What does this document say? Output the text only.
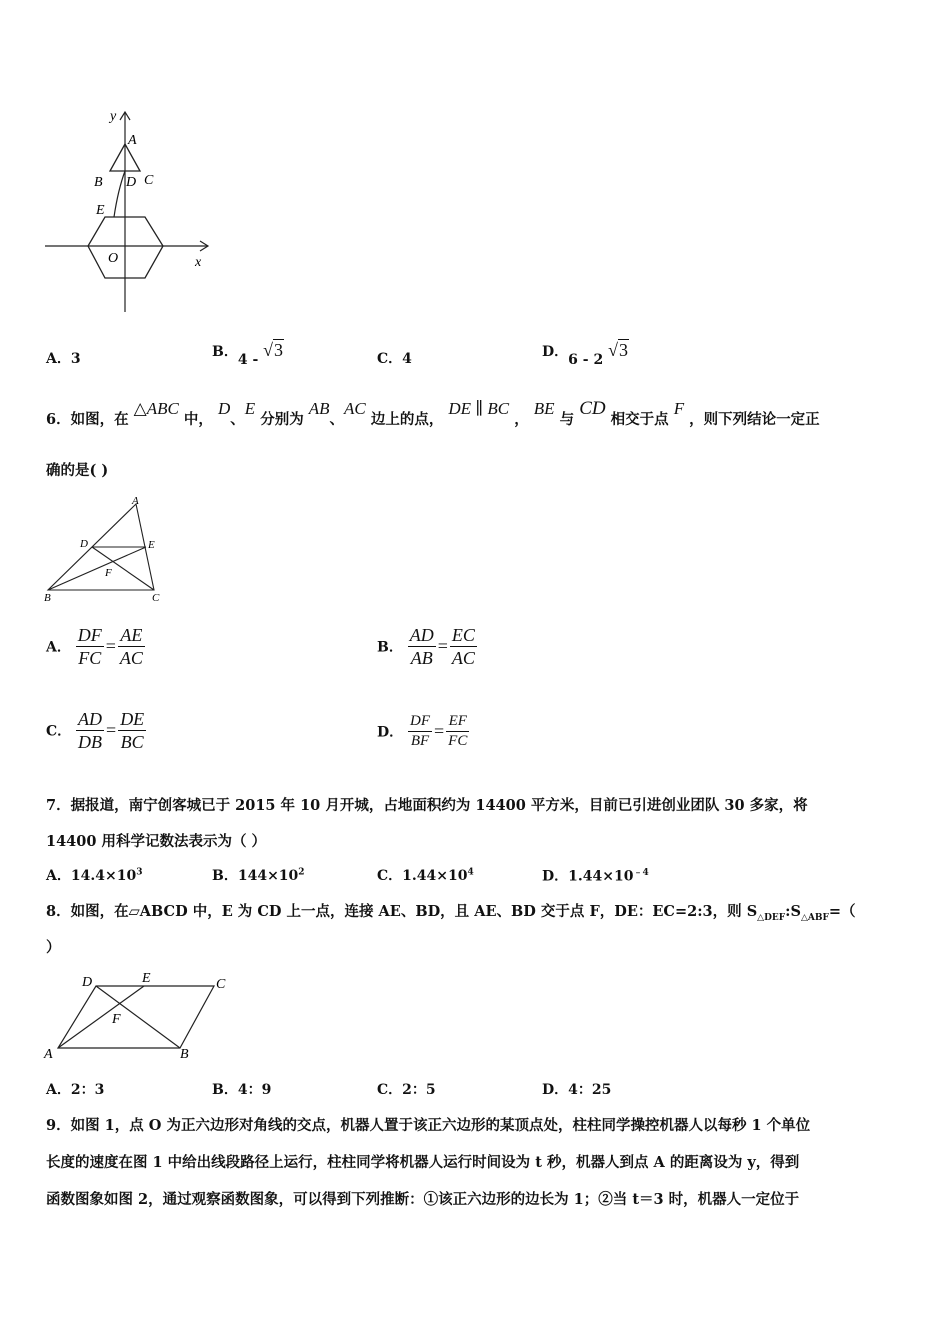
y
A
B D C
E
O	x
A．3	B．4 - √3	C．4	D．6 - 2 √3
6．如图，在 △ABC 中， D、E 分别为 AB、AC 边上的点， DE ∥ BC ， BE 与 CD 相交于点 F ，则下列结论一定正
确的是( )
A
D	E
F
B	C
A． $\frac{DF}{FC} = \frac{AE}{AC}$	B． $\frac{AD}{AB} = \frac{EC}{AC}$
C． $\frac{AD}{DB} = \frac{DE}{BC}$	D． $\frac{DF}{BF} = \frac{EF}{FC}$
7．据报道，南宁创客城已于 2015 年 10 月开城，占地面积约为 14400 平方米，目前已引进创业团队 30 多家，将
14400 用科学记数法表示为（ ）
A．$14.4\times 10^3$	B．$144\times 10^2$	C．$1.44\times 10^4$	D．$1.44\times 10^{﹣4}$
8．如图，在▱ABCD 中，E 为 CD 上一点，连接 AE、BD，且 AE、BD 交于点 F，DE：EC=2:3，则 $S_{\triangle DEF}:S_{\triangle ABF}=$（
）
D	E	C
F
A	B
A．2：3	B．4：9	C．2：5	D．4：25
9．如图 1，点 O 为正六边形对角线的交点，机器人置于该正六边形的某顶点处，柱柱同学操控机器人以每秒 1 个单位
长度的速度在图 1 中给出线段路径上运行，柱柱同学将机器人运行时间设为 t 秒，机器人到点 A 的距离设为 y，得到
函数图象如图 2，通过观察函数图象，可以得到下列推断：①该正六边形的边长为 1；②当 t＝3 时，机器人一定位于
